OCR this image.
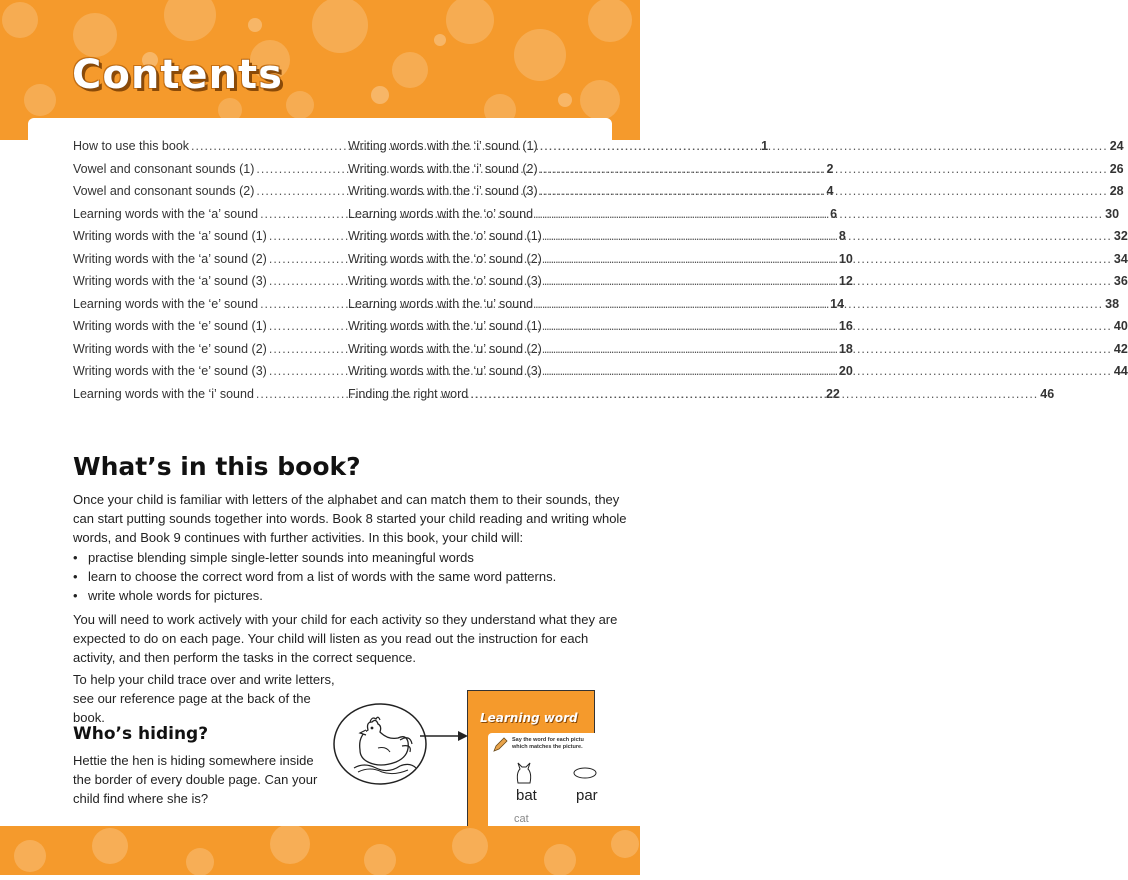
Contents
How to use this book .....	1
Vowel and consonant sounds (1) .....	2
Vowel and consonant sounds (2) .....	4
Learning words with the ‘a’ sound .....	6
Writing words with the ‘a’ sound (1) .....	8
Writing words with the ‘a’ sound (2) .....	10
Writing words with the ‘a’ sound (3) .....	12
Learning words with the ‘e’ sound .....	14
Writing words with the ‘e’ sound (1) .....	16
Writing words with the ‘e’ sound (2) .....	18
Writing words with the ‘e’ sound (3) .....	20
Learning words with the ‘i’ sound .....	22
Writing words with the ‘i’ sound (1) .....	24
Writing words with the ‘i’ sound (2) .....	26
Writing words with the ‘i’ sound (3) .....	28
Learning words with the ‘o’ sound .....	30
Writing words with the ‘o’ sound (1) .....	32
Writing words with the ‘o’ sound (2) .....	34
Writing words with the ‘o’ sound (3) .....	36
Learning words with the ‘u’ sound .....	38
Writing words with the ‘u’ sound (1) .....	40
Writing words with the ‘u’ sound (2) .....	42
Writing words with the ‘u’ sound (3) .....	44
Finding the right word .....	46
What’s in this book?

Once your child is familiar with letters of the alphabet and can match them to their sounds, they can start putting sounds together into words. Book 8 started your child reading and writing whole words, and Book 9 continues with further activities. In this book, your child will:

• practise blending simple single-letter sounds into meaningful words
• learn to choose the correct word from a list of words with the same word patterns.
• write whole words for pictures.

You will need to work actively with your child for each activity so they understand what they are expected to do on each page. Your child will listen as you read out the instruction for each activity, and then perform the tasks in the correct sequence.

To help your child trace over and write letters, see our reference page at the back of the book.

Who’s hiding?

Hettie the hen is hiding somewhere inside the border of every double page. Can your child find where she is?

Learning word
Say the word for each pictu
which matches the picture.
bat	par
cat
